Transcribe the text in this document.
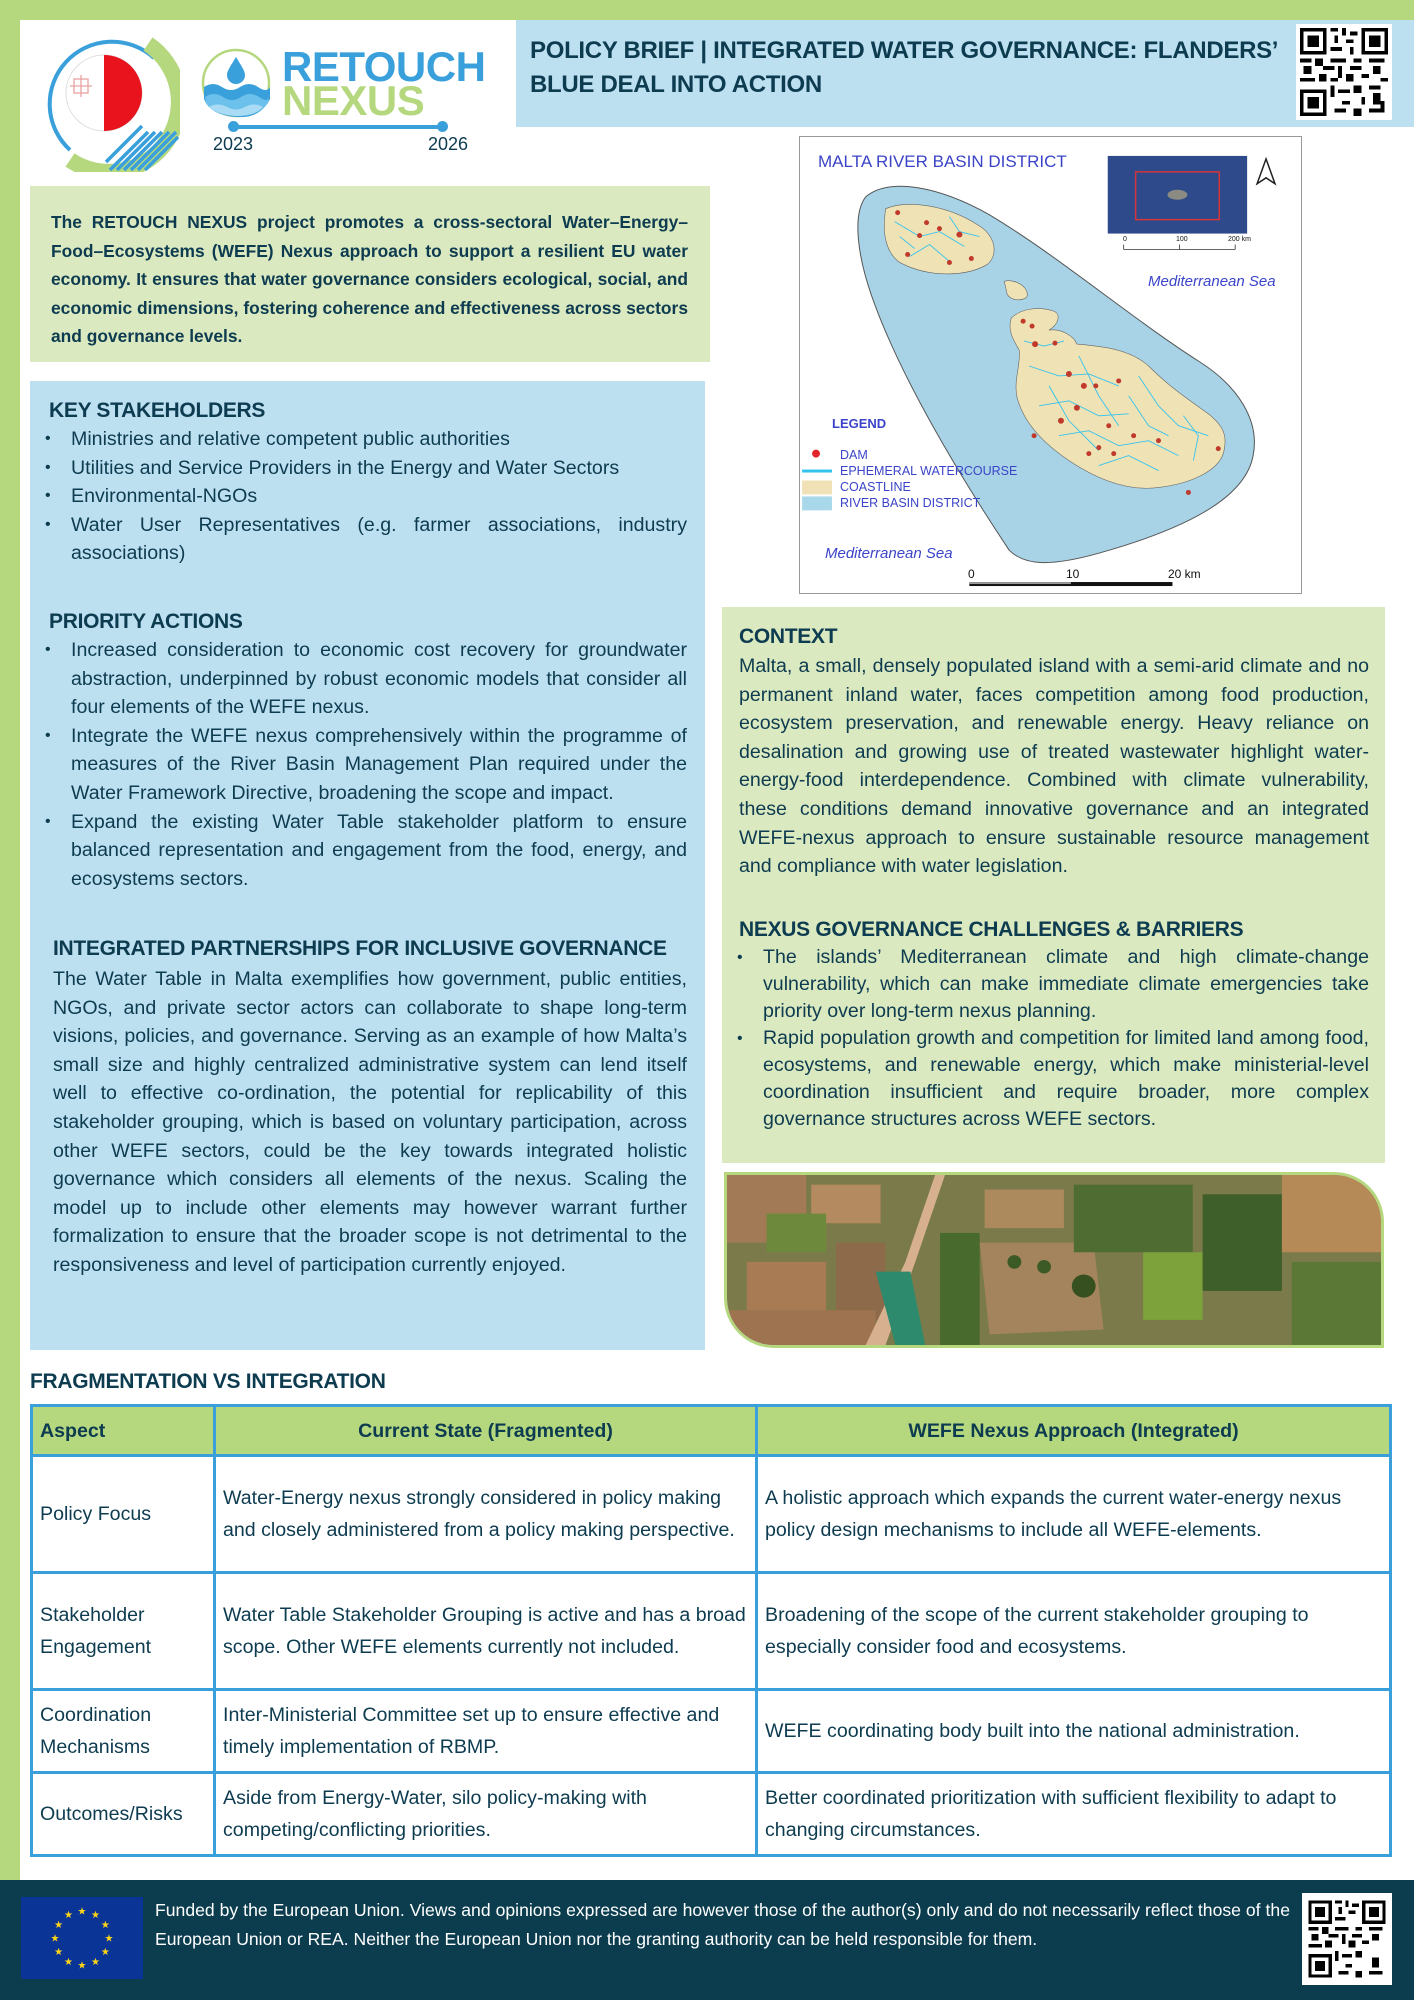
RETOUCH
NEXUS
2023	2026
POLICY BRIEF | INTEGRATED WATER GOVERNANCE: FLANDERS’ BLUE DEAL INTO ACTION

The RETOUCH NEXUS project promotes a cross-sectoral Water–Energy–Food–Ecosystems (WEFE) Nexus approach to support a resilient EU water economy. It ensures that water governance considers ecological, social, and economic dimensions, fostering coherence and effectiveness across sectors and governance levels.

KEY STAKEHOLDERS
• Ministries and relative competent public authorities
• Utilities and Service Providers in the Energy and Water Sectors
• Environmental-NGOs
• Water User Representatives (e.g. farmer associations, industry associations)
PRIORITY ACTIONS
• Increased consideration to economic cost recovery for groundwater abstraction, underpinned by robust economic models that consider all four elements of the WEFE nexus.
• Integrate the WEFE nexus comprehensively within the programme of measures of the River Basin Management Plan required under the Water Framework Directive, broadening the scope and impact.
• Expand the existing Water Table stakeholder platform to ensure balanced representation and engagement from the food, energy, and ecosystems sectors.
INTEGRATED PARTNERSHIPS FOR INCLUSIVE GOVERNANCE

The Water Table in Malta exemplifies how government, public entities, NGOs, and private sector actors can collaborate to shape long-term visions, policies, and governance. Serving as an example of how Malta’s small size and highly centralized administrative system can lend itself well to effective co-ordination, the potential for replicability of this stakeholder grouping, which is based on voluntary participation, across other WEFE sectors, could be the key towards integrated holistic governance which considers all elements of the nexus. Scaling the model up to include other elements may however warrant further formalization to ensure that the broader scope is not detrimental to the responsiveness and level of participation currently enjoyed.

MALTA RIVER BASIN DISTRICT
Mediterranean Sea
Mediterranean Sea
LEGEND
DAM
EPHEMERAL WATERCOURSE
COASTLINE
RIVER BASIN DISTRICT
0	10	20 km
0	100	200 km
CONTEXT

Malta, a small, densely populated island with a semi-arid climate and no permanent inland water, faces competition among food production, ecosystem preservation, and renewable energy. Heavy reliance on desalination and growing use of treated wastewater highlight water-energy-food interdependence. Combined with climate vulnerability, these conditions demand innovative governance and an integrated WEFE-nexus approach to ensure sustainable resource management and compliance with water legislation.

NEXUS GOVERNANCE CHALLENGES & BARRIERS
• The islands’ Mediterranean climate and high climate-change vulnerability, which can make immediate climate emergencies take priority over long-term nexus planning.
• Rapid population growth and competition for limited land among food, ecosystems, and renewable energy, which make ministerial-level coordination insufficient and require broader, more complex governance structures across WEFE sectors.
FRAGMENTATION VS INTEGRATION
Aspect	Current State (Fragmented)	WEFE Nexus Approach (Integrated)
Policy Focus	Water-Energy nexus strongly considered in policy making and closely administered from a policy making perspective.	A holistic approach which expands the current water-energy nexus policy design mechanisms to include all WEFE-elements.
Stakeholder Engagement	Water Table Stakeholder Grouping is active and has a broad scope. Other WEFE elements currently not included.	Broadening of the scope of the current stakeholder grouping to especially consider food and ecosystems.
Coordination Mechanisms	Inter-Ministerial Committee set up to ensure effective and timely implementation of RBMP.	WEFE coordinating body built into the national administration.
Outcomes/Risks	Aside from Energy-Water, silo policy-making with competing/conflicting priorities.	Better coordinated prioritization with sufficient flexibility to adapt to changing circumstances.
★ ★
★
★
★
★
★
★
★
★
★
★	Funded by the European Union. Views and opinions expressed are however those of the author(s) only and do not necessarily reflect those of the European Union or REA. Neither the European Union nor the granting authority can be held responsible for them.
